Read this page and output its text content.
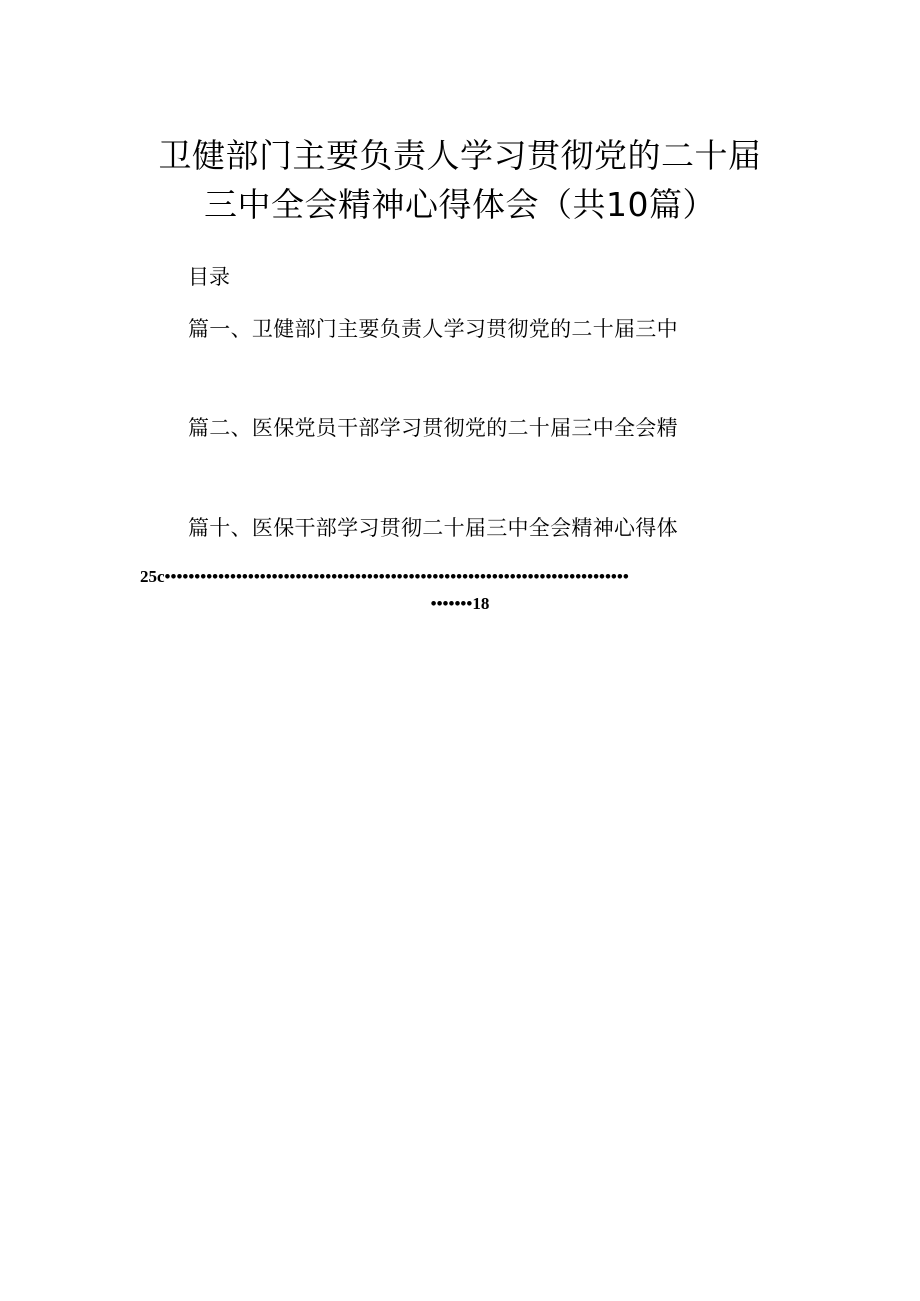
卫健部门主要负责人学习贯彻党的二十届
三中全会精神心得体会（共10篇）
目录
篇一、卫健部门主要负责人学习贯彻党的二十届三中
篇二、医保党员干部学习贯彻党的二十届三中全会精
篇十、医保干部学习贯彻二十届三中全会精神心得体
25c••••••••••••••••••••••••••••••••••••••••••••••••••••••••••••••••••••••••••••••
•••••••18
